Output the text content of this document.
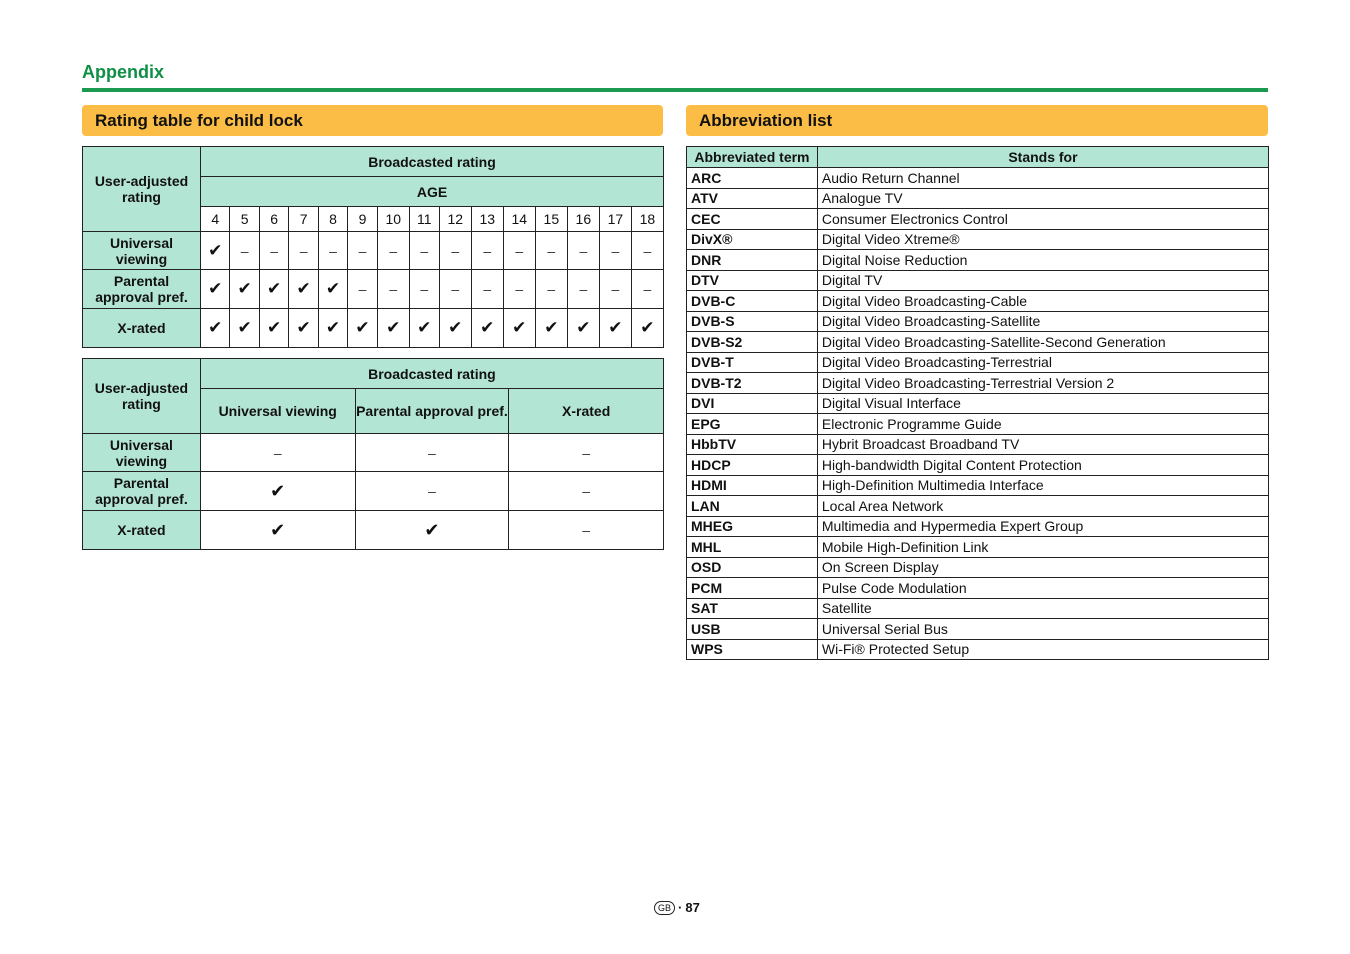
Appendix
Rating table for child lock	Abbreviation list
User-adjusted rating	Broadcasted rating														
	AGE														
	4	5	6	7	8	9	10	11	12	13	14	15	16	17	18
Universal viewing	✔	–	–	–	–	–	–	–	–	–	–	–	–	–	–
Parental approval pref.	✔	✔	✔	✔	✔	–	–	–	–	–	–	–	–	–	–
X-rated	✔	✔	✔	✔	✔	✔	✔	✔	✔	✔	✔	✔	✔	✔	✔
User-adjusted rating	Broadcasted rating		
	Universal viewing	Parental approval pref.	X-rated
Universal viewing	–	–	–
Parental approval pref.	✔	–	–
X-rated	✔	✔	–
Abbreviated term	Stands for
ARC	Audio Return Channel
ATV	Analogue TV
CEC	Consumer Electronics Control
DivX®	Digital Video Xtreme®
DNR	Digital Noise Reduction
DTV	Digital TV
DVB-C	Digital Video Broadcasting-Cable
DVB-S	Digital Video Broadcasting-Satellite
DVB-S2	Digital Video Broadcasting-Satellite-Second Generation
DVB-T	Digital Video Broadcasting-Terrestrial
DVB-T2	Digital Video Broadcasting-Terrestrial Version 2
DVI	Digital Visual Interface
EPG	Electronic Programme Guide
HbbTV	Hybrit Broadcast Broadband TV
HDCP	High-bandwidth Digital Content Protection
HDMI	High-Definition Multimedia Interface
LAN	Local Area Network
MHEG	Multimedia and Hypermedia Expert Group
MHL	Mobile High-Definition Link
OSD	On Screen Display
PCM	Pulse Code Modulation
SAT	Satellite
USB	Universal Serial Bus
WPS	Wi-Fi® Protected Setup
GB · 87
